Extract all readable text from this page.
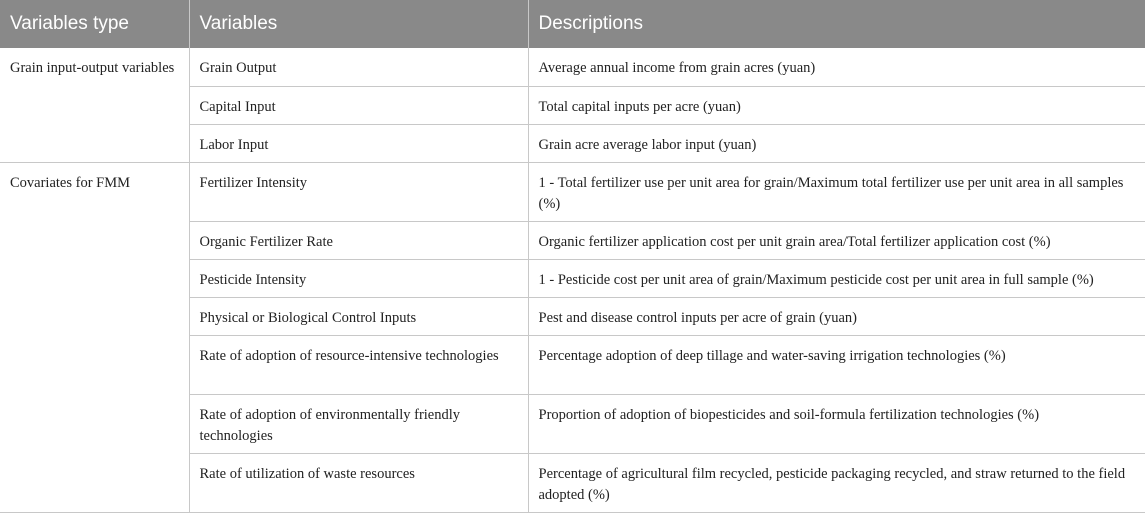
Variables type	Variables	Descriptions
Grain input-output variables	Grain Output	Average annual income from grain acres (yuan)
	Capital Input	Total capital inputs per acre (yuan)
	Labor Input	Grain acre average labor input (yuan)
Covariates for FMM	Fertilizer Intensity	1 - Total fertilizer use per unit area for grain/Maximum total fertilizer use per unit area in all samples (%)
	Organic Fertilizer Rate	Organic fertilizer application cost per unit grain area/Total fertilizer application cost (%)
	Pesticide Intensity	1 - Pesticide cost per unit area of grain/Maximum pesticide cost per unit area in full sample (%)
	Physical or Biological Control Inputs	Pest and disease control inputs per acre of grain (yuan)
	Rate of adoption of resource-intensive technologies	Percentage adoption of deep tillage and water-saving irrigation technologies (%)
	Rate of adoption of environmentally friendly technologies	Proportion of adoption of biopesticides and soil-formula fertilization technologies (%)
	Rate of utilization of waste resources	Percentage of agricultural film recycled, pesticide packaging recycled, and straw returned to the field adopted (%)
